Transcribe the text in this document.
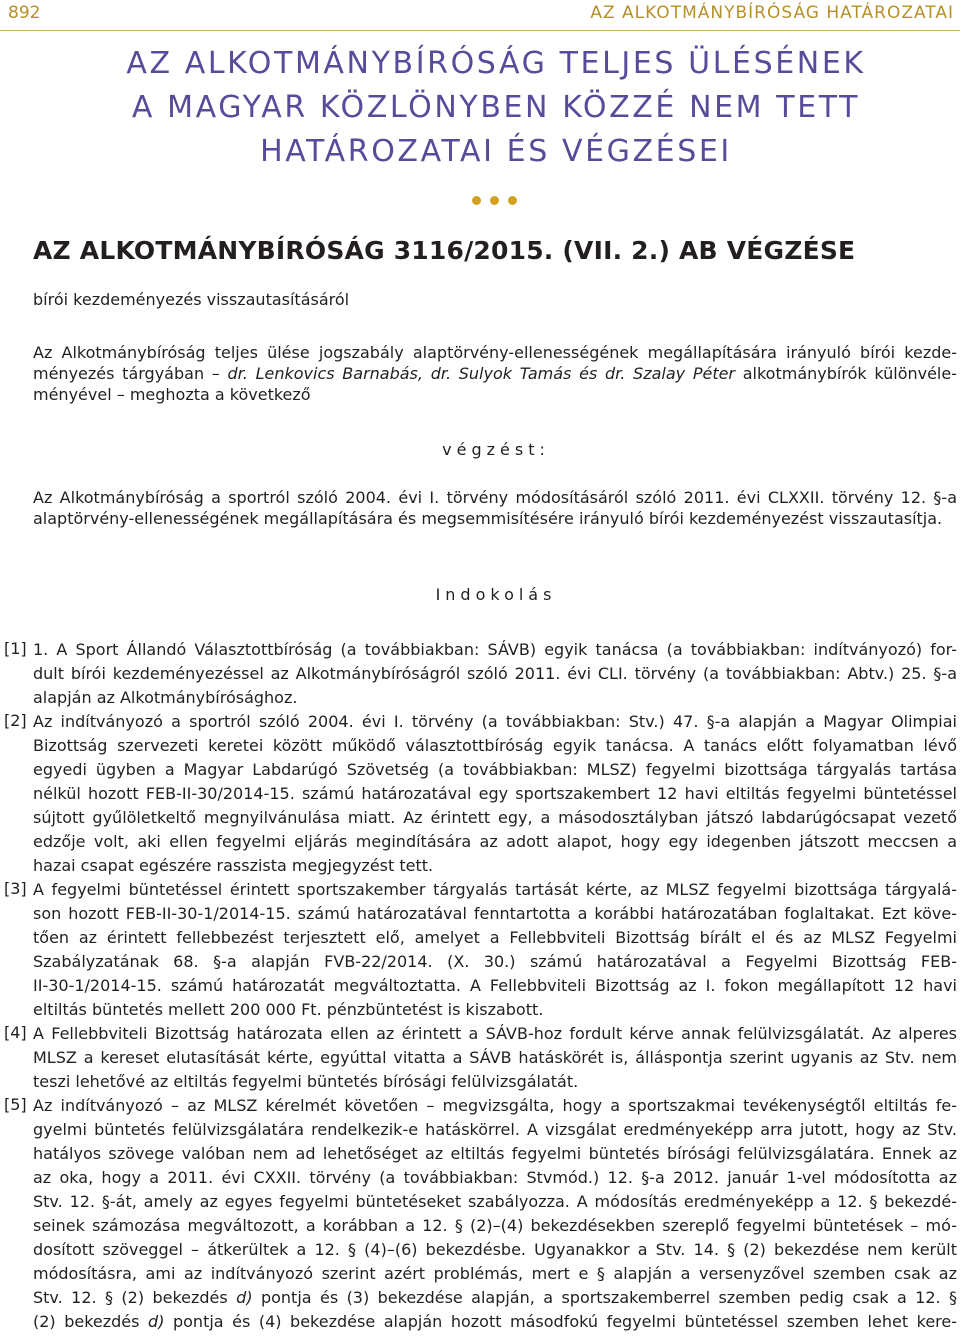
892	AZ ALKOTMÁNYBÍRÓSÁG HATÁROZATAI
AZ ALKOTMÁNYBÍRÓSÁG TELJES ÜLÉSÉNEK
A MAGYAR KÖZLÖNYBEN KÖZZÉ NEM TETT
HATÁROZATAI ÉS VÉGZÉSEI
AZ ALKOTMÁNYBÍRÓSÁG 3116/2015. (VII. 2.) AB VÉGZÉSE
bírói kezdeményezés visszautasításáról
Az Alkotmánybíróság teljes ülése jogszabály alaptörvény-ellenességének megállapítására irányuló bírói kezde-
ményezés tárgyában – dr. Lenkovics Barnabás, dr. Sulyok Tamás és dr. Szalay Péter alkotmánybírók különvéle-
ményével – meghozta a következő
végzést:
Az Alkotmánybíróság a sportról szóló 2004. évi I. törvény módosításáról szóló 2011. évi CLXXII. törvény 12. §-a
alaptörvény-ellenességének megállapítására és megsemmisítésére irányuló bírói kezdeményezést visszautasítja.
Indokolás
[1] 1. A Sport Állandó Választottbíróság (a továbbiakban: SÁVB) egyik tanácsa (a továbbiakban: indítványozó) for-
dult bírói kezdeményezéssel az Alkotmánybíróságról szóló 2011. évi CLI. törvény (a továbbiakban: Abtv.) 25. §-a
alapján az Alkotmánybírósághoz.
[2] Az indítványozó a sportról szóló 2004. évi I. törvény (a továbbiakban: Stv.) 47. §-a alapján a Magyar Olimpiai
Bizottság szervezeti keretei között működő választottbíróság egyik tanácsa. A tanács előtt folyamatban lévő
egyedi ügyben a Magyar Labdarúgó Szövetség (a továbbiakban: MLSZ) fegyelmi bizottsága tárgyalás tartása
nélkül hozott FEB-II-30/2014-15. számú határozatával egy sportszakembert 12 havi eltiltás fegyelmi büntetéssel
sújtott gyűlöletkeltő megnyilvánulása miatt. Az érintett egy, a másodosztályban játszó labdarúgócsapat vezető
edzője volt, aki ellen fegyelmi eljárás megindítására az adott alapot, hogy egy idegenben játszott meccsen a
hazai csapat egészére rasszista megjegyzést tett.
[3] A fegyelmi büntetéssel érintett sportszakember tárgyalás tartását kérte, az MLSZ fegyelmi bizottsága tárgyalá-
son hozott FEB-II-30-1/2014-15. számú határozatával fenntartotta a korábbi határozatában foglaltakat. Ezt köve-
tően az érintett fellebbezést terjesztett elő, amelyet a Fellebbviteli Bizottság bírált el és az MLSZ Fegyelmi
Szabályzatának 68. §-a alapján FVB-22/2014. (X. 30.) számú határozatával a Fegyelmi Bizottság FEB-
II-30-1/2014-15. számú határozatát megváltoztatta. A Fellebbviteli Bizottság az I. fokon megállapított 12 havi
eltiltás büntetés mellett 200 000 Ft. pénzbüntetést is kiszabott.
[4] A Fellebbviteli Bizottság határozata ellen az érintett a SÁVB-hoz fordult kérve annak felülvizsgálatát. Az alperes
MLSZ a kereset elutasítását kérte, egyúttal vitatta a SÁVB hatáskörét is, álláspontja szerint ugyanis az Stv. nem
teszi lehetővé az eltiltás fegyelmi büntetés bírósági felülvizsgálatát.
[5] Az indítványozó – az MLSZ kérelmét követően – megvizsgálta, hogy a sportszakmai tevékenységtől eltiltás fe-
gyelmi büntetés felülvizsgálatára rendelkezik-e hatáskörrel. A vizsgálat eredményeképp arra jutott, hogy az Stv.
hatályos szövege valóban nem ad lehetőséget az eltiltás fegyelmi büntetés bírósági felülvizsgálatára. Ennek az
az oka, hogy a 2011. évi CXXII. törvény (a továbbiakban: Stvmód.) 12. §-a 2012. január 1-vel módosította az
Stv. 12. §-át, amely az egyes fegyelmi büntetéseket szabályozza. A módosítás eredményeképp a 12. § bekezdé-
seinek számozása megváltozott, a korábban a 12. § (2)–(4) bekezdésekben szereplő fegyelmi büntetések – mó-
dosított szöveggel – átkerültek a 12. § (4)–(6) bekezdésbe. Ugyanakkor a Stv. 14. § (2) bekezdése nem került
módosításra, ami az indítványozó szerint azért problémás, mert e § alapján a versenyzővel szemben csak az
Stv. 12. § (2) bekezdés d) pontja és (3) bekezdése alapján, a sportszakemberrel szemben pedig csak a 12. §
(2) bekezdés d) pontja és (4) bekezdése alapján hozott másodfokú fegyelmi büntetéssel szemben lehet kere-
